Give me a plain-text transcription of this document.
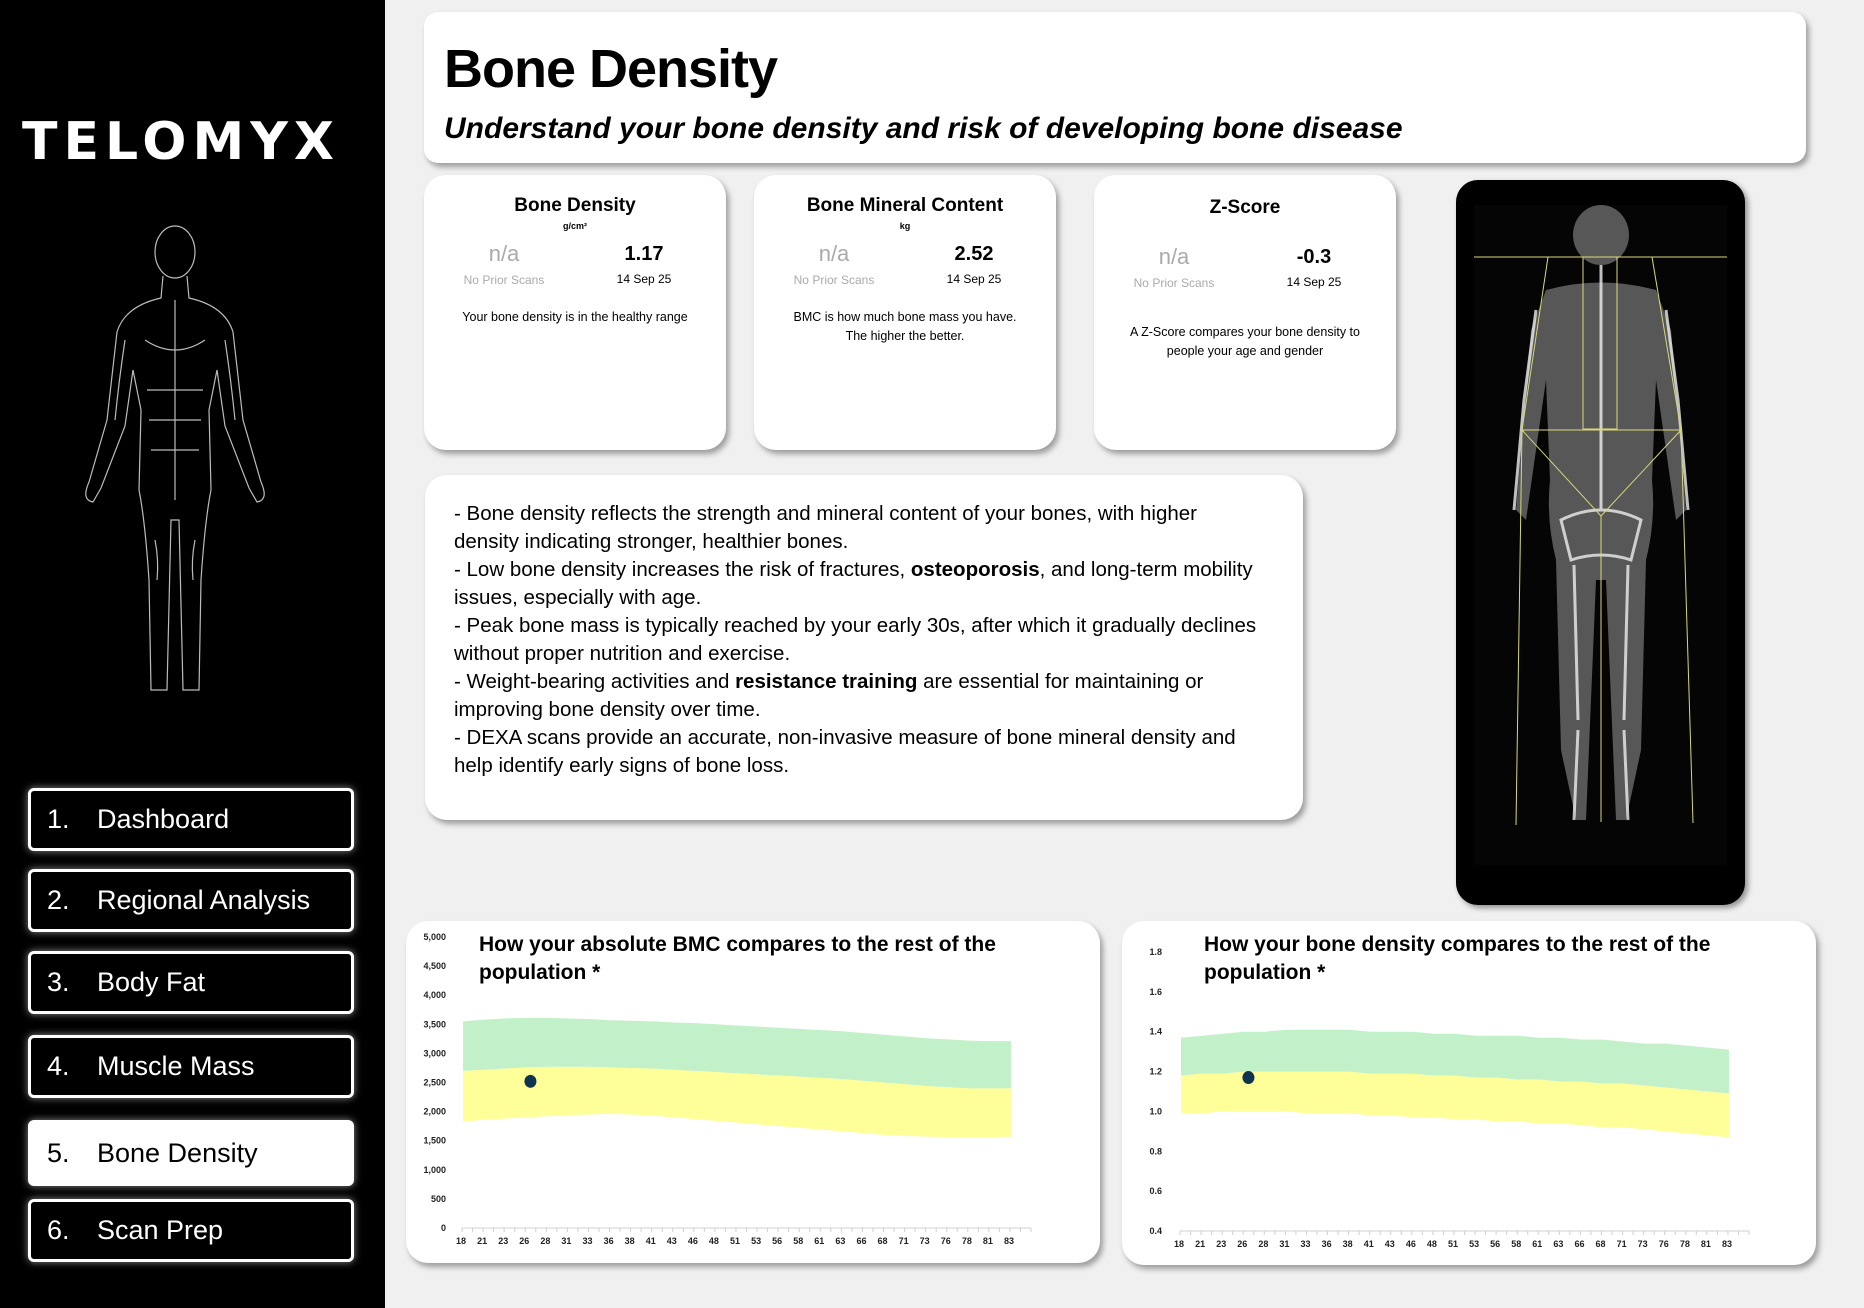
TELOMYX
1.	Dashboard
2.	Regional Analysis
3.	Body Fat
4.	Muscle Mass
5.	Bone Density
6.	Scan Prep
Bone Density
Understand your bone density and risk of developing bone disease
Bone Density
g/cm²
n/a
No Prior Scans
1.17
14 Sep 25
Your bone density is in the healthy range
Bone Mineral Content
kg
n/a
No Prior Scans
2.52
14 Sep 25
BMC is how much bone mass you have. The higher the better.
Z-Score
n/a
No Prior Scans
-0.3
14 Sep 25
A Z-Score compares your bone density to people your age and gender
- Bone density reflects the strength and mineral content of your bones, with higher density indicating stronger, healthier bones.
- Low bone density increases the risk of fractures, osteoporosis, and long-term mobility issues, especially with age.
- Peak bone mass is typically reached by your early 30s, after which it gradually declines without proper nutrition and exercise.
- Weight-bearing activities and resistance training are essential for maintaining or improving bone density over time.
- DEXA scans provide an accurate, non-invasive measure of bone mineral density and help identify early signs of bone loss.
0
500
1,000
1,500
2,000
2,500
3,000
3,500
4,000
4,500
5,000
18 21 23 26 28 31 33 36 38 41 43 46 48 51 53 56 58 61 63 66 68 71 73 76 78 81 83
How your absolute BMC compares to the rest of the population *
0.4
0.6
0.8
1.0
1.2
1.4
1.6
1.8
18 21 23 26 28 31 33 36 38 41 43 46 48 51 53 56 58 61 63 66 68 71 73 76 78 81 83
How your bone density compares to the rest of the population *
